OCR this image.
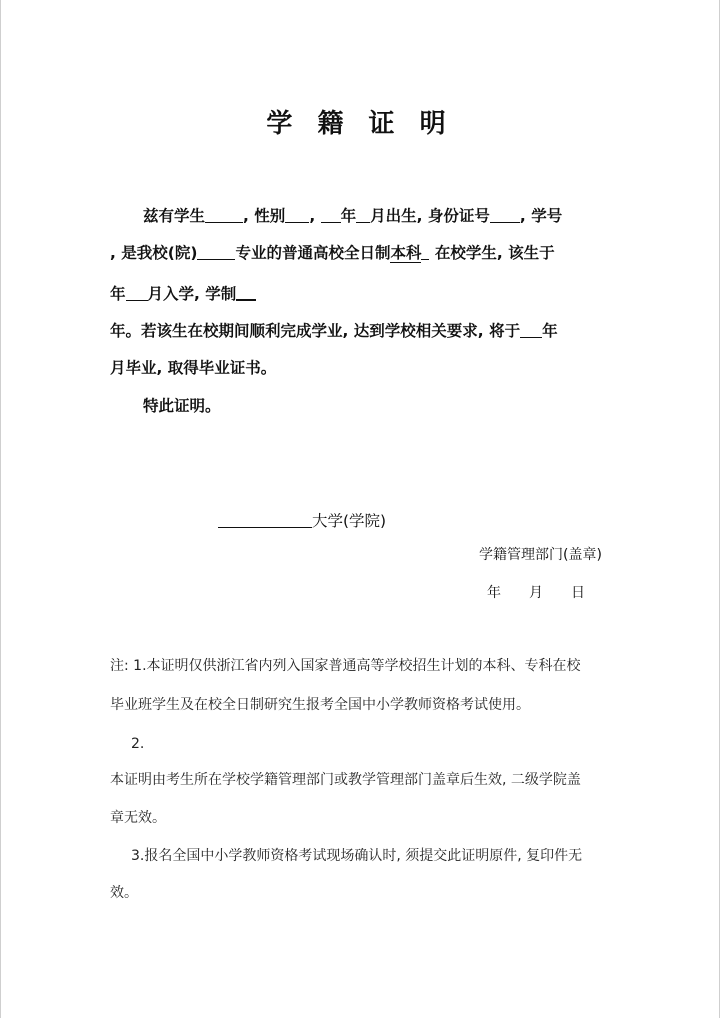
学 籍 证 明
兹有学生 , 性别 , 年 月出生, 身份证号 , 学号
, 是我校(院) 专业的普通高校全日制本科 在校学生, 该生于
年 月入学, 学制
年。若该生在校期间顺利完成学业, 达到学校相关要求, 将于 年
月毕业, 取得毕业证书。
特此证明。
大学(学院)
学籍管理部门(盖章)
年 月 日
注: 1.本证明仅供浙江省内列入国家普通高等学校招生计划的本科、专科在校
毕业班学生及在校全日制研究生报考全国中小学教师资格考试使用。
2.
本证明由考生所在学校学籍管理部门或教学管理部门盖章后生效, 二级学院盖
章无效。
3.报名全国中小学教师资格考试现场确认时, 须提交此证明原件, 复印件无
效。
